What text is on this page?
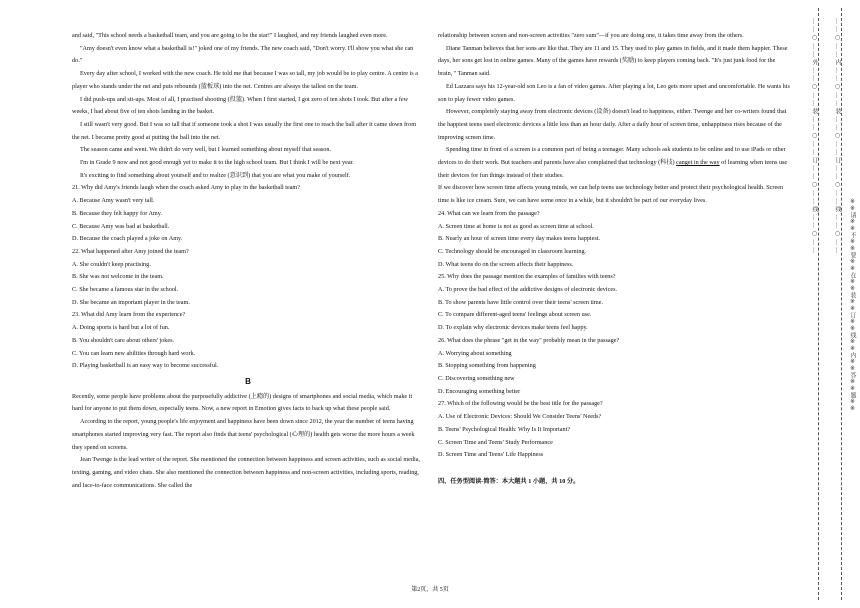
and said, "This school needs a basketball team, and you are going to be the star!" I laughed, and my friends laughed even more.

"Amy doesn't even know what a basketball is!" joked one of my friends. The new coach said, "Don't worry. I'll show you what she can do."

Every day after school, I worked with the new coach. He told me that because I was so tall, my job would be to play centre. A centre is a player who stands under the net and puts rebounds (篮板球) into the net. Centres are always the tallest on the team.

I did push-ups and sit-ups. Most of all, I practised shooting (投篮). When I first started, I got zero of ten shots I took. But after a few weeks, I had about five of ten shots landing in the basket.

I still wasn't very good. But I was so tall that if someone took a shot I was usually the first one to reach the ball after it came down from the net. I became pretty good at putting the ball into the net.

The season came and went. We didn't do very well, but I learned something about myself that season.

I'm in Grade 9 now and not good enough yet to make it to the high school team. But I think I will be next year.

It's exciting to find something about yourself and to realize (意识到) that you are what you make of yourself.

21. Why did Amy's friends laugh when the coach asked Amy to play in the basketball team?

A. Because Amy wasn't very tall.

B. Because they felt happy for Amy.

C. Because Amy was bad at basketball.

D. Because the coach played a joke on Amy.

22. What happened after Amy joined the team?

A. She couldn't keep practising.

B. She was not welcome in the team.

C. She became a famous star in the school.

D. She became an important player in the team.

23. What did Amy learn from the experience?

A. Doing sports is hard but a lot of fun.

B. You shouldn't care about others' jokes.

C. You can learn new abilities through hard work.

D. Playing basketball is an easy way to become successful.

B

Recently, some people have problems about the purposefully addictive (上瘾的) designs of smartphones and social media, which make it hard for anyone to put them down, especially teens. Now, a new report in Emotion gives facts to back up what these people said.

According to the report, young people's life enjoyment and happiness have been down since 2012, the year the number of teens having smartphones started improving very fast. The report also finds that teens' psychological (心理的) health gets worse the more hours a week they spend on screens.

Jean Twenge is the lead writer of the report. She mentioned the connection between happiness and screen activities, such as social media, texting, gaming, and video chats. She also mentioned the connection between happiness and non-screen activities, including sports, reading, and face-to-face communications. She called the

relationship between screen and non-screen activities "zero sum"—if you are doing one, it takes time away from the others.

Diane Tanman believes that her sons are like that. They are 11 and 15. They used to play games in fields, and it made them happier. These days, her sons get lost in online games. Many of the games have rewards (奖励) to keep players coming back. "It's just junk food for the brain, " Tanman said.

Ed Lazzara says his 12-year-old son Leo is a fan of video games. After playing a lot, Leo gets more upset and uncomfortable. He wants his son to play fewer video games.

However, completely staying away from electronic devices (设备) doesn't lead to happiness, either. Twenge and her co-writers found that the happiest teens used electronic devices a little less than an hour daily. After a daily hour of screen time, unhappiness rises because of the improving screen time.

Spending time in front of a screen is a common part of being a teenager. Many schools ask students to be online and to use iPads or other devices to do their work. But teachers and parents have also complained that technology (科技) canget in the way of learning when teens use their devices for fun things instead of their studies.

If we discover how screen time affects young minds, we can help teens use technology better and protect their psychological health. Screen time is like ice cream. Sure, we can have some once in a while, but it shouldn't be part of our everyday lives.

24. What can we learn from the passage?

A. Screen time at home is not as good as screen time at school.

B. Nearly an hour of screen time every day makes teens happiest.

C. Technology should be encouraged in classroom learning.

D. What teens do on the screen affects their happiness.

25. Why does the passage mention the examples of families with teens?

A. To prove the bad effect of the addictive designs of electronic devices.

B. To show parents have little control over their teens' screen time.

C. To compare different-aged teens' feelings about screen use.

D. To explain why electronic devices make teens feel happy.

26. What does the phrase "get in the way" probably mean in the passage?

A. Worrying about something

B. Stopping something from happening

C. Discovering something new

D. Encouraging something better

27. Which of the following would be the best title for the passage?

A. Use of Electronic Devices: Should We Consider Teens' Needs?

B. Teens' Psychological Health: Why Is It Important?

C. Screen Time and Teens' Study Performance

D. Screen Time and Teens' Life Happiness

四、任务型阅读-简答：本大题共 1 小题，共 10 分。

第2页，共 5页
……○……外……○……装……○……订……○……线……○……	……○……内……○……装……○……订……○……线……○……
※※请※※不※※要※※在※※装※※订※※线※※内※※答※※题※※
